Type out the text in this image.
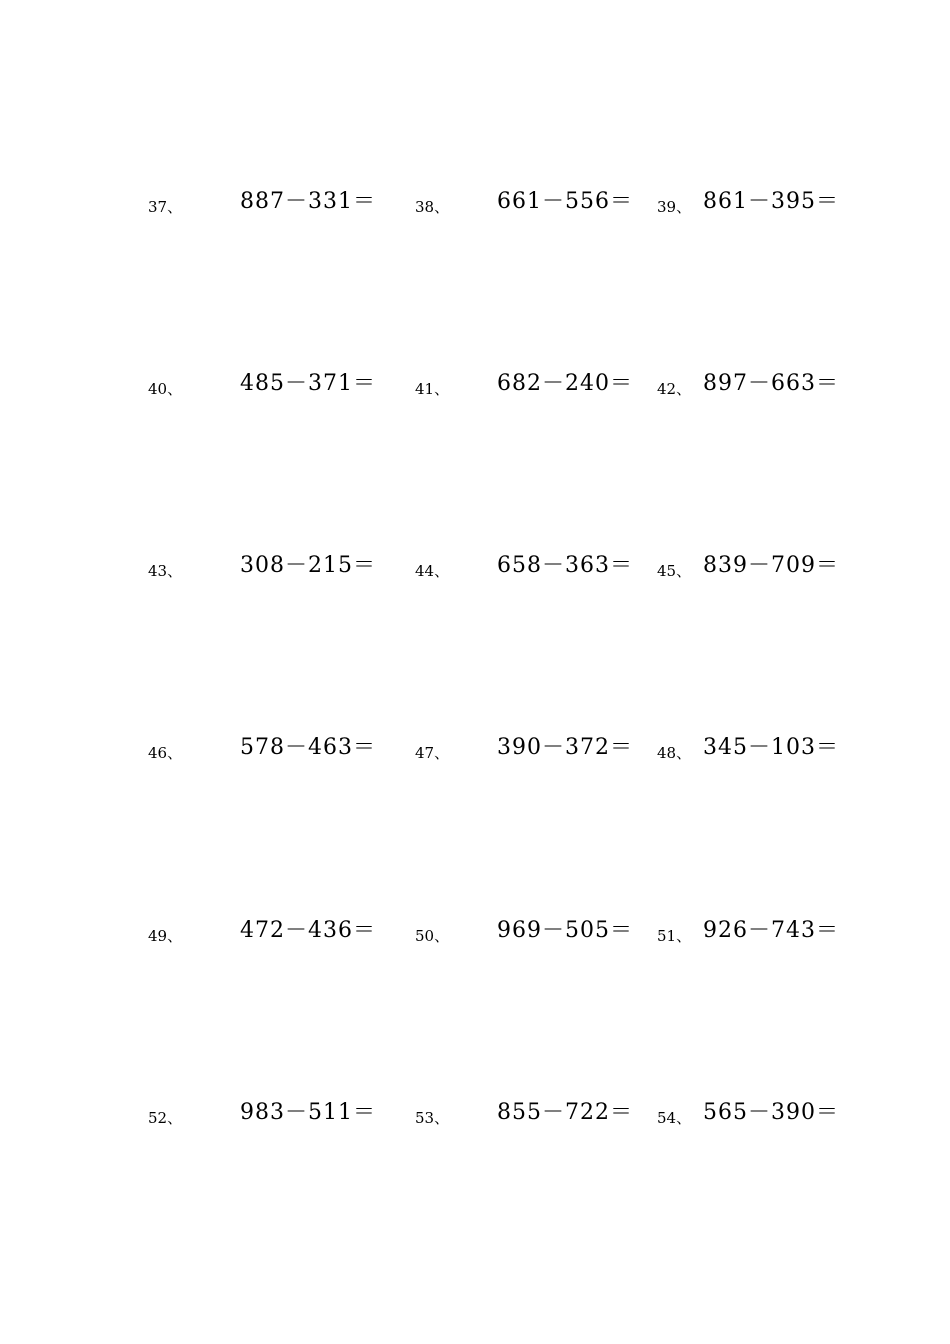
37、	887－331＝	38、 661－556＝ 39、 861－395＝
40、	485－371＝	41、 682－240＝ 42、 897－663＝
43、	308－215＝	44、 658－363＝ 45、 839－709＝
46、	578－463＝	47、 390－372＝ 48、 345－103＝
49、	472－436＝	50、 969－505＝ 51、 926－743＝
52、	983－511＝	53、 855－722＝ 54、 565－390＝
